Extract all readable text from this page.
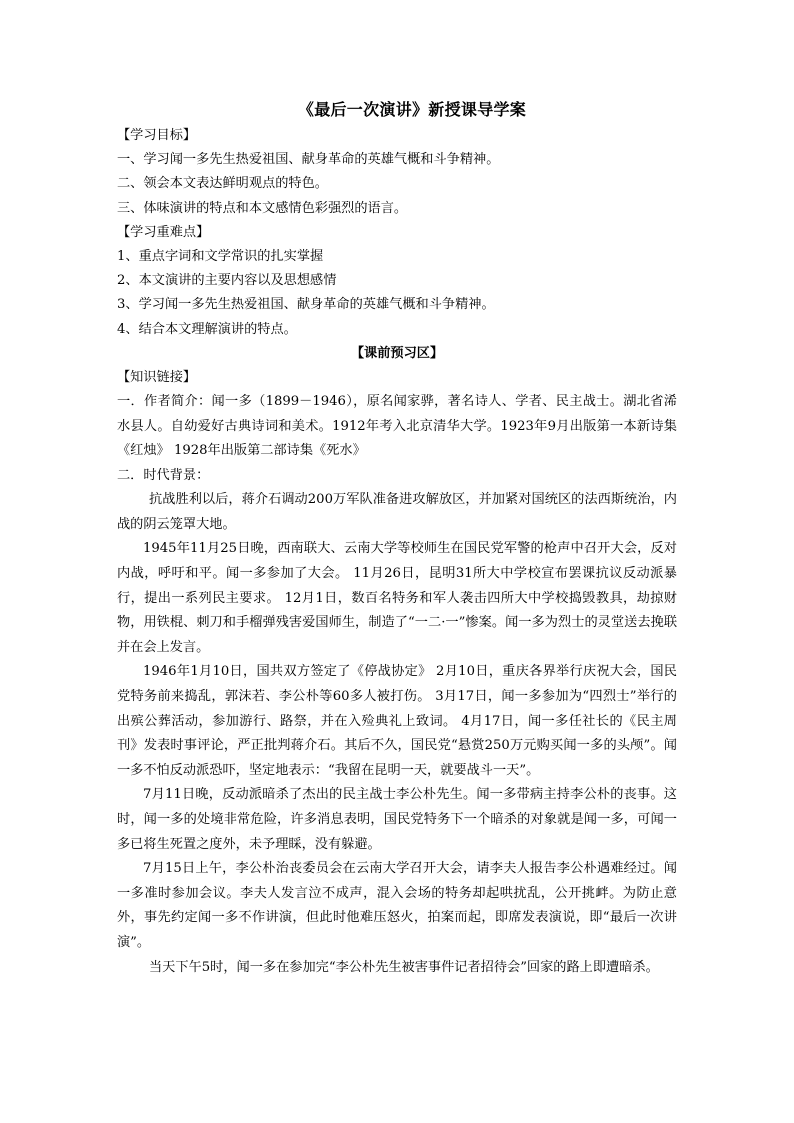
《最后一次演讲》新授课导学案

【学习目标】

一、学习闻一多先生热爱祖国、献身革命的英雄气概和斗争精神。

二、领会本文表达鲜明观点的特色。

三、体味演讲的特点和本文感情色彩强烈的语言。

【学习重难点】

1、重点字词和文学常识的扎实掌握

2、本文演讲的主要内容以及思想感情

3、学习闻一多先生热爱祖国、献身革命的英雄气概和斗争精神。

4、结合本文理解演讲的特点。

【课前预习区】

【知识链接】

一．作者简介：闻一多（1899－1946），原名闻家骅，著名诗人、学者、民主战士。湖北省浠水县人。自幼爱好古典诗词和美术。1912年考入北京清华大学。1923年9月出版第一本新诗集《红烛》 1928年出版第二部诗集《死水》

二．时代背景：

抗战胜利以后，蒋介石调动200万军队准备进攻解放区，并加紧对国统区的法西斯统治，内战的阴云笼罩大地。

1945年11月25日晚，西南联大、云南大学等校师生在国民党军警的枪声中召开大会，反对内战，呼吁和平。闻一多参加了大会。 11月26日，昆明31所大中学校宣布罢课抗议反动派暴行，提出一系列民主要求。 12月1日，数百名特务和军人袭击四所大中学校捣毁教具，劫掠财物，用铁棍、刺刀和手榴弹残害爱国师生，制造了“一二·一”惨案。闻一多为烈士的灵堂送去挽联并在会上发言。

1946年1月10日，国共双方签定了《停战协定》 2月10日，重庆各界举行庆祝大会，国民党特务前来捣乱，郭沫若、李公朴等60多人被打伤。 3月17日，闻一多参加为“四烈士”举行的出殡公葬活动，参加游行、路祭，并在入殓典礼上致词。 4月17日，闻一多任社长的《民主周刊》发表时事评论，严正批判蒋介石。其后不久，国民党“悬赏250万元购买闻一多的头颅”。闻一多不怕反动派恐吓，坚定地表示：“我留在昆明一天，就要战斗一天”。

7月11日晚，反动派暗杀了杰出的民主战士李公朴先生。闻一多带病主持李公朴的丧事。这时，闻一多的处境非常危险，许多消息表明，国民党特务下一个暗杀的对象就是闻一多，可闻一多已将生死置之度外，未予理睬，没有躲避。

7月15日上午，李公朴治丧委员会在云南大学召开大会，请李夫人报告李公朴遇难经过。闻一多准时参加会议。李夫人发言泣不成声，混入会场的特务却起哄扰乱，公开挑衅。为防止意外，事先约定闻一多不作讲演，但此时他难压怒火，拍案而起，即席发表演说，即“最后一次讲演”。

当天下午5时，闻一多在参加完“李公朴先生被害事件记者招待会”回家的路上即遭暗杀。
